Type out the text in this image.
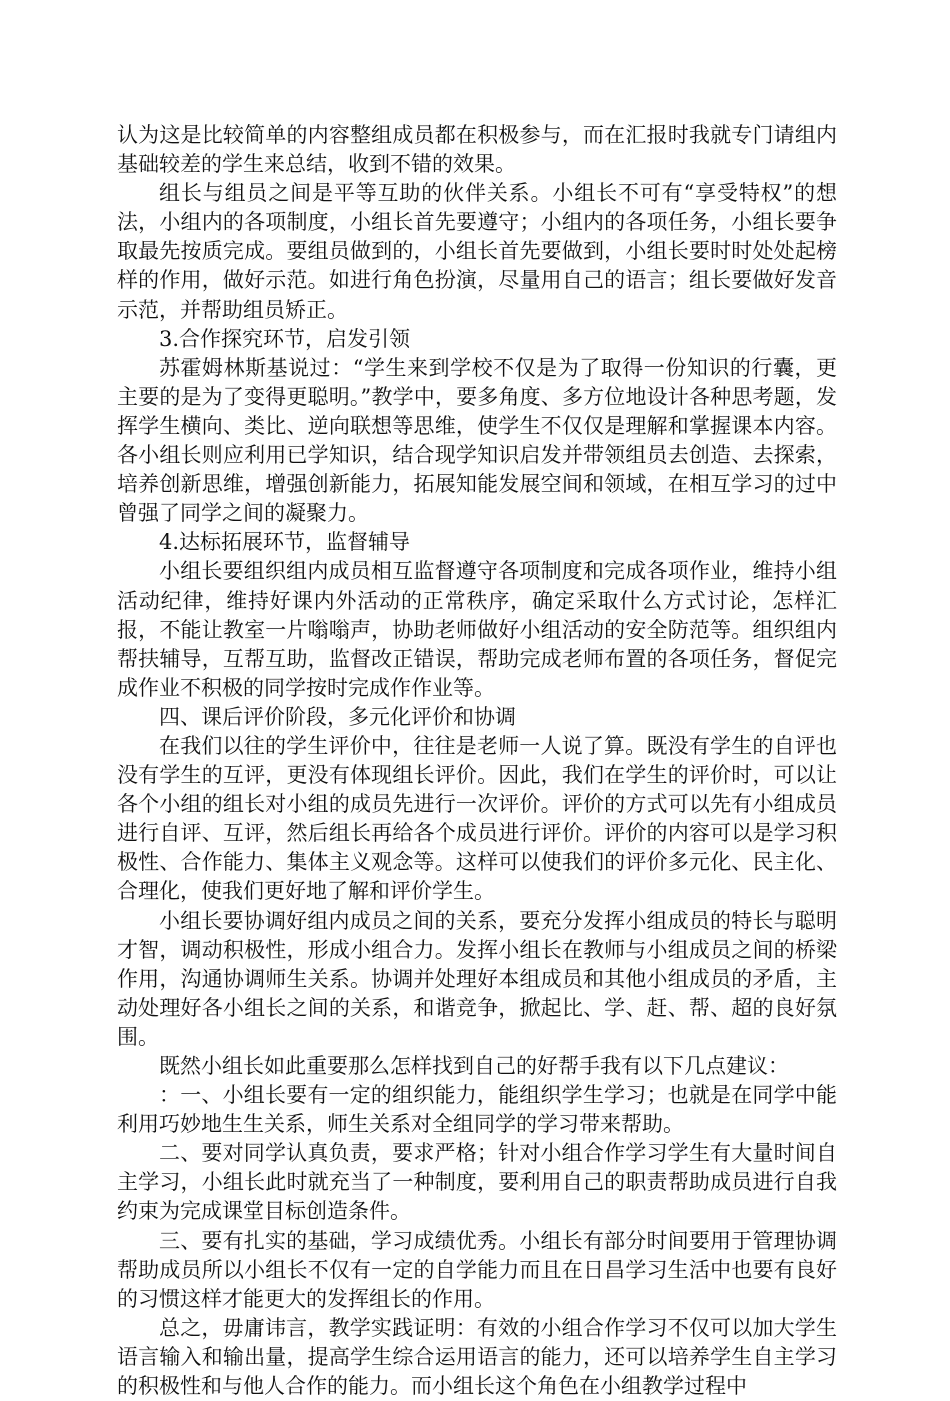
认为这是比较简单的内容整组成员都在积极参与，而在汇报时我就专门请组内基础较差的学生来总结，收到不错的效果。

组长与组员之间是平等互助的伙伴关系。小组长不可有“享受特权”的想法，小组内的各项制度，小组长首先要遵守；小组内的各项任务，小组长要争取最先按质完成。要组员做到的，小组长首先要做到，小组长要时时处处起榜样的作用，做好示范。如进行角色扮演，尽量用自己的语言；组长要做好发音示范，并帮助组员矫正。

3.合作探究环节，启发引领

苏霍姆林斯基说过：“学生来到学校不仅是为了取得一份知识的行囊，更主要的是为了变得更聪明。”教学中，要多角度、多方位地设计各种思考题，发挥学生横向、类比、逆向联想等思维，使学生不仅仅是理解和掌握课本内容。各小组长则应利用已学知识，结合现学知识启发并带领组员去创造、去探索，培养创新思维，增强创新能力，拓展知能发展空间和领域，在相互学习的过中曾强了同学之间的凝聚力。

4.达标拓展环节，监督辅导

小组长要组织组内成员相互监督遵守各项制度和完成各项作业，维持小组活动纪律，维持好课内外活动的正常秩序，确定采取什么方式讨论，怎样汇报，不能让教室一片嗡嗡声，协助老师做好小组活动的安全防范等。组织组内帮扶辅导，互帮互助，监督改正错误，帮助完成老师布置的各项任务，督促完成作业不积极的同学按时完成作作业等。

四、课后评价阶段，多元化评价和协调

在我们以往的学生评价中，往往是老师一人说了算。既没有学生的自评也没有学生的互评，更没有体现组长评价。因此，我们在学生的评价时，可以让各个小组的组长对小组的成员先进行一次评价。评价的方式可以先有小组成员进行自评、互评，然后组长再给各个成员进行评价。评价的内容可以是学习积极性、合作能力、集体主义观念等。这样可以使我们的评价多元化、民主化、合理化，使我们更好地了解和评价学生。

小组长要协调好组内成员之间的关系，要充分发挥小组成员的特长与聪明才智，调动积极性，形成小组合力。发挥小组长在教师与小组成员之间的桥梁作用，沟通协调师生关系。协调并处理好本组成员和其他小组成员的矛盾，主动处理好各小组长之间的关系，和谐竞争，掀起比、学、赶、帮、超的良好氛围。

既然小组长如此重要那么怎样找到自己的好帮手我有以下几点建议：

：一、小组长要有一定的组织能力，能组织学生学习；也就是在同学中能利用巧妙地生生关系，师生关系对全组同学的学习带来帮助。

二、要对同学认真负责，要求严格；针对小组合作学习学生有大量时间自主学习，小组长此时就充当了一种制度，要利用自己的职责帮助成员进行自我约束为完成课堂目标创造条件。

三、要有扎实的基础，学习成绩优秀。小组长有部分时间要用于管理协调帮助成员所以小组长不仅有一定的自学能力而且在日昌学习生活中也要有良好的习惯这样才能更大的发挥组长的作用。

总之，毋庸讳言，教学实践证明：有效的小组合作学习不仅可以加大学生语言输入和输出量，提高学生综合运用语言的能力，还可以培养学生自主学习的积极性和与他人合作的能力。而小组长这个角色在小组教学过程中
